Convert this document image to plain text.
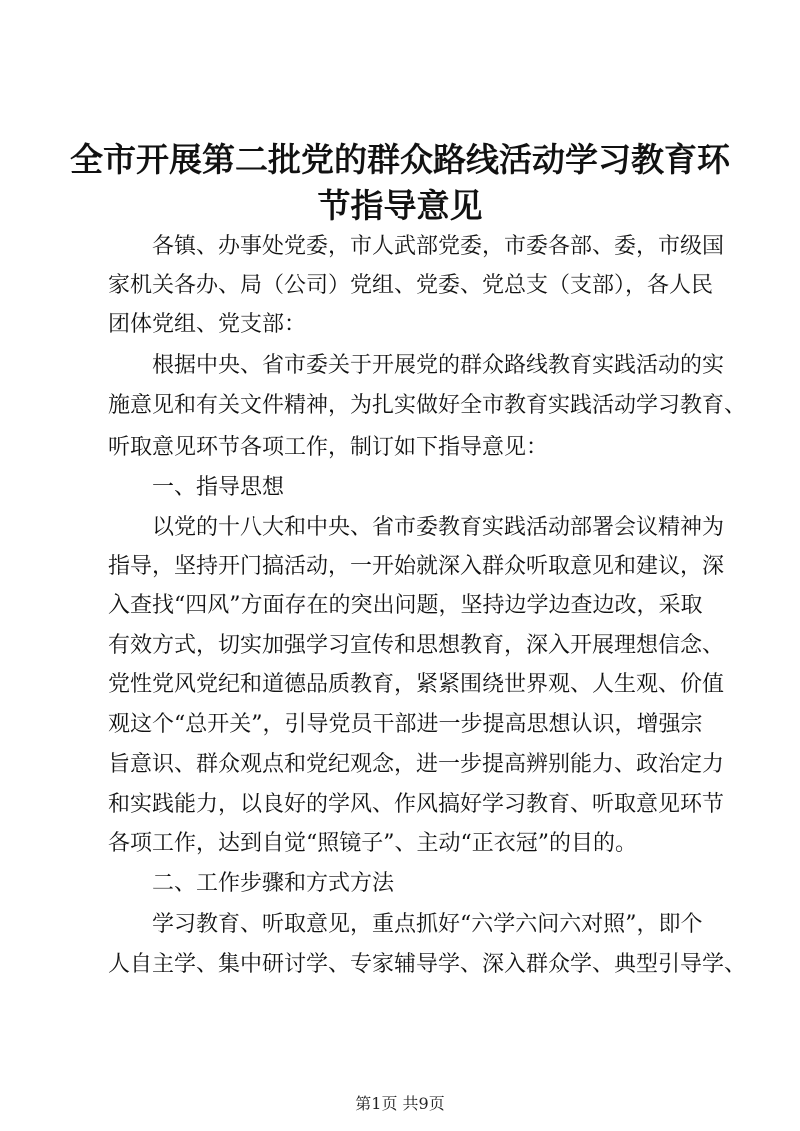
全市开展第二批党的群众路线活动学习教育环
节指导意见

各镇、办事处党委，市人武部党委，市委各部、委，市级国

家机关各办、局（公司）党组、党委、党总支（支部），各人民

团体党组、党支部：

根据中央、省市委关于开展党的群众路线教育实践活动的实

施意见和有关文件精神，为扎实做好全市教育实践活动学习教育、

听取意见环节各项工作，制订如下指导意见：

一、指导思想

以党的十八大和中央、省市委教育实践活动部署会议精神为

指导，坚持开门搞活动，一开始就深入群众听取意见和建议，深

入查找“四风”方面存在的突出问题，坚持边学边查边改，采取

有效方式，切实加强学习宣传和思想教育，深入开展理想信念、

党性党风党纪和道德品质教育，紧紧围绕世界观、人生观、价值

观这个“总开关”，引导党员干部进一步提高思想认识，增强宗

旨意识、群众观点和党纪观念，进一步提高辨别能力、政治定力

和实践能力，以良好的学风、作风搞好学习教育、听取意见环节

各项工作，达到自觉“照镜子”、主动“正衣冠”的目的。

二、工作步骤和方式方法

学习教育、听取意见，重点抓好“六学六问六对照”，即个

人自主学、集中研讨学、专家辅导学、深入群众学、典型引导学、

第1页 共9页
